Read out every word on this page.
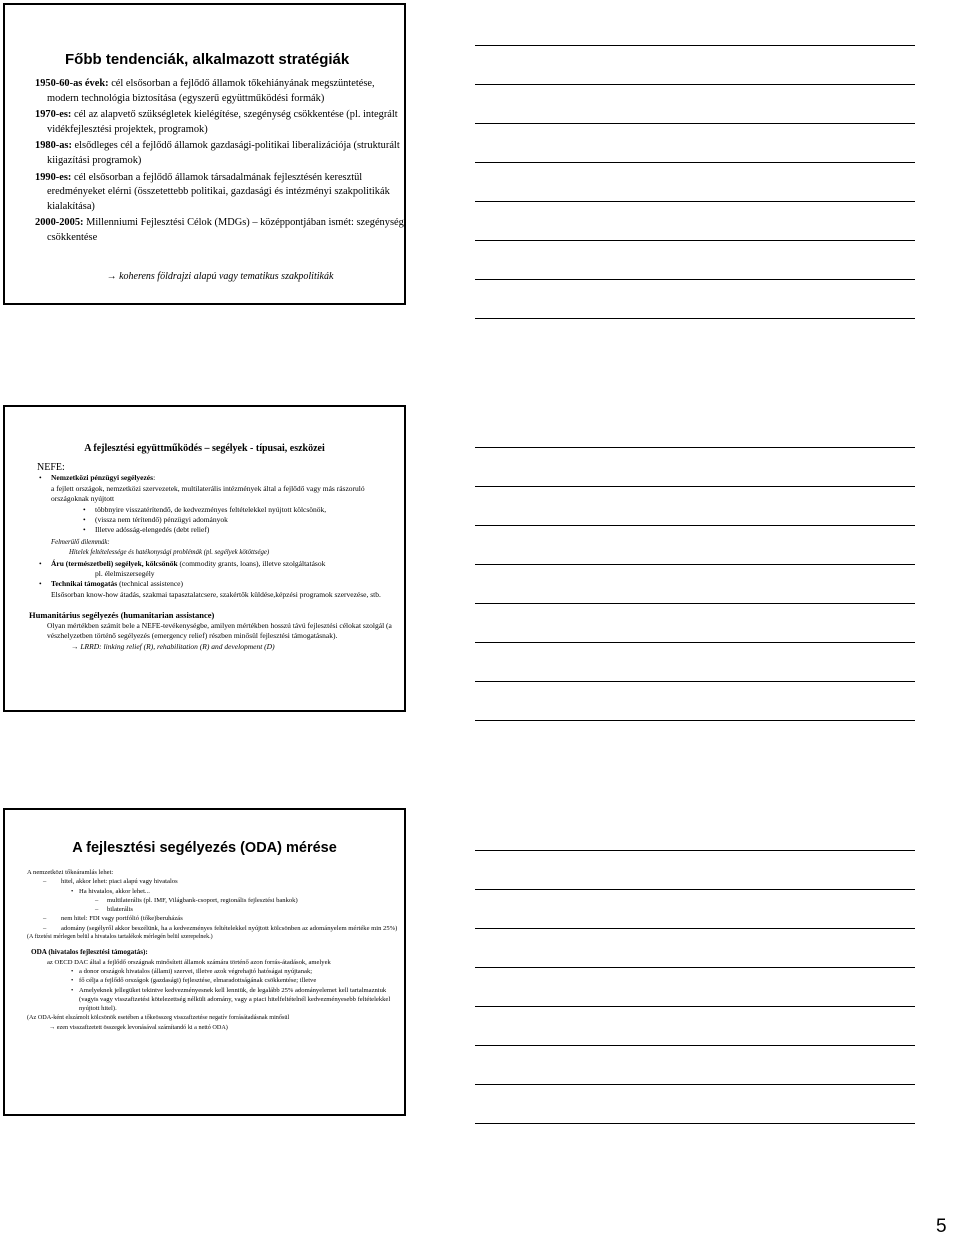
Főbb tendenciák, alkalmazott stratégiák

1950-60-as évek: cél elsősorban a fejlődő államok tőkehiányának megszüntetése, modern technológia biztosítása (egyszerű együttműködési formák)

1970-es: cél az alapvető szükségletek kielégítése, szegénység csökkentése (pl. integrált vidékfejlesztési projektek, programok)

1980-as: elsődleges cél a fejlődő államok gazdasági-politikai liberalizációja (strukturált kiigazítási programok)

1990-es: cél elsősorban a fejlődő államok társadalmának fejlesztésén keresztül eredményeket elérni (összetettebb politikai, gazdasági és intézményi szakpolitikák kialakítása)

2000-2005: Millenniumi Fejlesztési Célok (MDGs) – középpontjában ismét: szegénység csökkentése

→ koherens földrajzi alapú vagy tematikus szakpolitikák

A fejlesztési együttműködés – segélyek - típusai, eszközei
NEFE:
• Nemzetközi pénzügyi segélyezés:
a fejlett országok, nemzetközi szervezetek, multilaterális intézmények által a fejlődő vagy más rászoruló országoknak nyújtott
• többnyire visszatérítendő, de kedvezményes feltételekkel nyújtott kölcsönök,
• (vissza nem térítendő) pénzügyi adományok
• Illetve adósság-elengedés (debt relief)
Felmerülő dilemmák:
Hitelek feltételessége és hatékonysági problémák (pl. segélyek kötöttsége)
• Áru (természetbeli) segélyek, kölcsönök (commodity grants, loans), illetve szolgáltatások
pl. élelmiszersegély
• Technikai támogatás (technical assistence)
Elsősorban know-how átadás, szakmai tapasztalatcsere, szakértők küldése,képzési programok szervezése, stb.
Humanitárius segélyezés (humanitarian assistance)
Olyan mértékben számít bele a NEFE-tevékenységbe, amilyen mértékben hosszú távú fejlesztési célokat szolgál (a vészhelyzetben történő segélyezés (emergency relief) részben minősül fejlesztési támogatásnak).
→ LRRD: linking relief (R), rehabilitation (R) and development (D)
A fejlesztési segélyezés (ODA) mérése
A nemzetközi tőkeáramlás lehet:
– hitel, akkor lehet: piaci alapú vagy hivatalos
• Ha hivatalos, akkor lehet...
– multilaterális (pl. IMF, Világbank-csoport, regionális fejlesztési bankok)
– bilaterális
– nem hitel: FDI vagy portfólió (tőke)beruházás
– adomány (segélyről akkor beszélünk, ha a kedvezményes feltételekkel nyújtott kölcsönben az adományelem mértéke min 25%)
(A fizetési mérlegen belül a hivatalos tartalékok mérlegén belül szerepelnek.)
ODA (hivatalos fejlesztési támogatás):
az OECD DAC által a fejlődő országnak minősített államok számára történő azon forrás-átadások, amelyek
• a donor országok hivatalos (állami) szervei, illetve azok végrehajtó hatóságai nyújtanak;
• fő célja a fejlődő országok (gazdasági) fejlesztése, elmaradottságának csökkentése; illetve
• Amelyeknek jellegüket tekintve kedvezményesnek kell lenniük, de legalább 25% adományelemet kell tartalmazniuk (vagyis vagy visszafizetési kötelezettség nélküli adomány, vagy a piaci hitelfeltételnél kedvezményesebb feltételekkel nyújtott hitel).
(Az ODA-ként elszámolt kölcsönök esetében a tőkeösszeg visszafizetése negatív forrásátadásnak minősül
→ ezen visszafizetett összegek levonásával számítandó ki a nettó ODA)
5
